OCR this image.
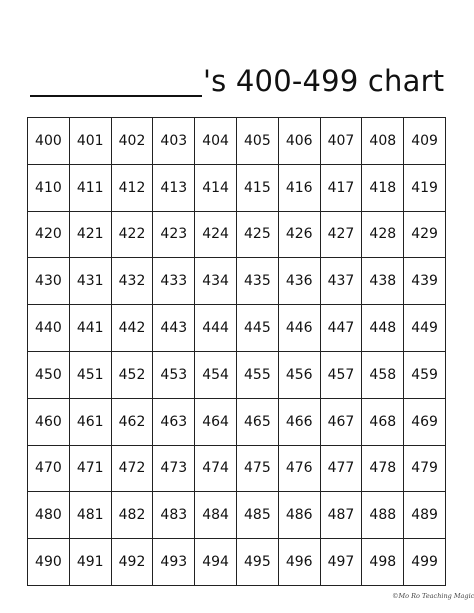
's 400-499 chart
400	401	402	403	404	405	406	407	408	409
410	411	412	413	414	415	416	417	418	419
420	421	422	423	424	425	426	427	428	429
430	431	432	433	434	435	436	437	438	439
440	441	442	443	444	445	446	447	448	449
450	451	452	453	454	455	456	457	458	459
460	461	462	463	464	465	466	467	468	469
470	471	472	473	474	475	476	477	478	479
480	481	482	483	484	485	486	487	488	489
490	491	492	493	494	495	496	497	498	499
©Mo Ro Teaching Magic
